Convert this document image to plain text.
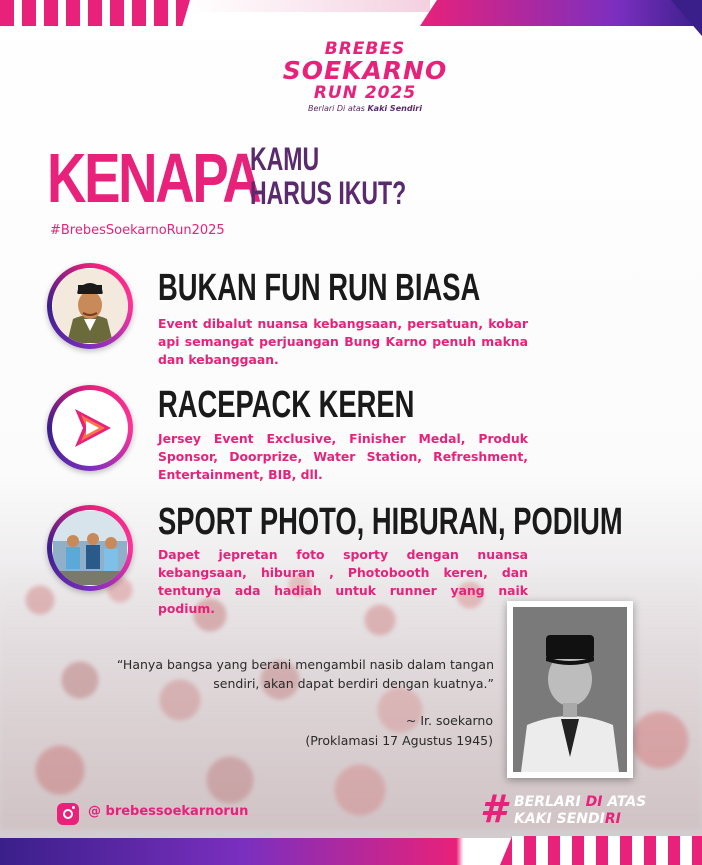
BREBES
SOEKARNO
RUN 2025
Berlari Di atas Kaki Sendiri
KENAPA
KAMU
HARUS IKUT?
#BrebesSoekarnoRun2025
BUKAN FUN RUN BIASA
Event dibalut nuansa kebangsaan, persatuan, kobar api semangat perjuangan Bung Karno penuh makna dan kebanggaan.
RACEPACK KEREN
Jersey Event Exclusive, Finisher Medal, Produk Sponsor, Doorprize, Water Station, Refreshment, Entertainment, BIB, dll.
SPORT PHOTO, HIBURAN, PODIUM
Dapet jepretan foto sporty dengan nuansa kebangsaan, hiburan , Photobooth keren, dan tentunya ada hadiah untuk runner yang naik podium.
“Hanya bangsa yang berani mengambil nasib dalam tangan sendiri, akan dapat berdiri dengan kuatnya.”
~ Ir. soekarno
(Proklamasi 17 Agustus 1945)
@ brebessoekarnorun	# BERLARI DI ATAS
KAKI SENDIRI
